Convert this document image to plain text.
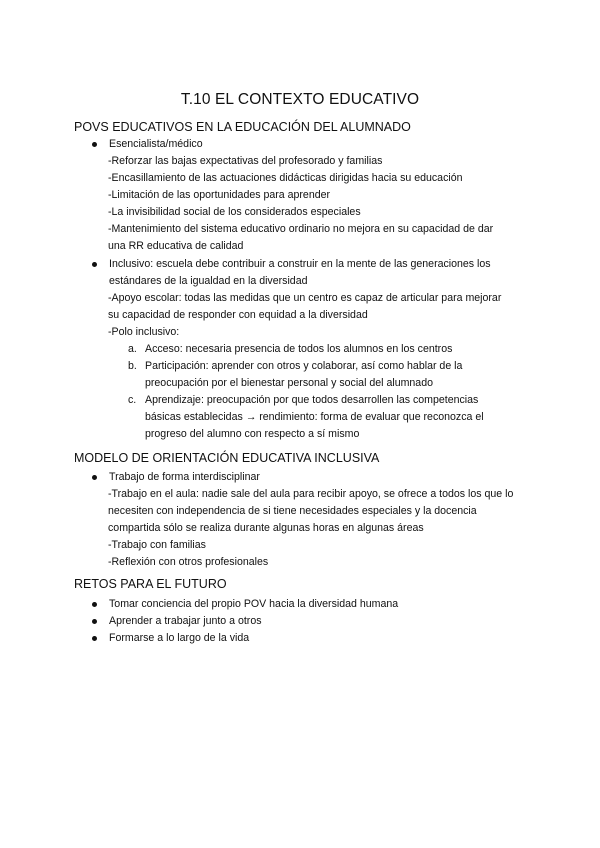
T.10 EL CONTEXTO EDUCATIVO
POVS EDUCATIVOS EN LA EDUCACIÓN DEL ALUMNADO
Esencialista/médico
-Reforzar las bajas expectativas del profesorado y familias
-Encasillamiento de las actuaciones didácticas dirigidas hacia su educación
-Limitación de las oportunidades para aprender
-La invisibilidad social de los considerados especiales
-Mantenimiento del sistema educativo ordinario no mejora en su capacidad de dar
una RR educativa de calidad
Inclusivo: escuela debe contribuir a construir en la mente de las generaciones los
estándares de la igualdad en la diversidad
-Apoyo escolar: todas las medidas que un centro es capaz de articular para mejorar
su capacidad de responder con equidad a la diversidad
-Polo inclusivo:
a. Acceso: necesaria presencia de todos los alumnos en los centros
b. Participación: aprender con otros y colaborar, así como hablar de la
preocupación por el bienestar personal y social del alumnado
c. Aprendizaje: preocupación por que todos desarrollen las competencias
básicas establecidas → rendimiento: forma de evaluar que reconozca el
progreso del alumno con respecto a sí mismo
MODELO DE ORIENTACIÓN EDUCATIVA INCLUSIVA
Trabajo de forma interdisciplinar
-Trabajo en el aula: nadie sale del aula para recibir apoyo, se ofrece a todos los que lo
necesiten con independencia de si tiene necesidades especiales y la docencia
compartida sólo se realiza durante algunas horas en algunas áreas
-Trabajo con familias
-Reflexión con otros profesionales
RETOS PARA EL FUTURO
Tomar conciencia del propio POV hacia la diversidad humana
Aprender a trabajar junto a otros
Formarse a lo largo de la vida
